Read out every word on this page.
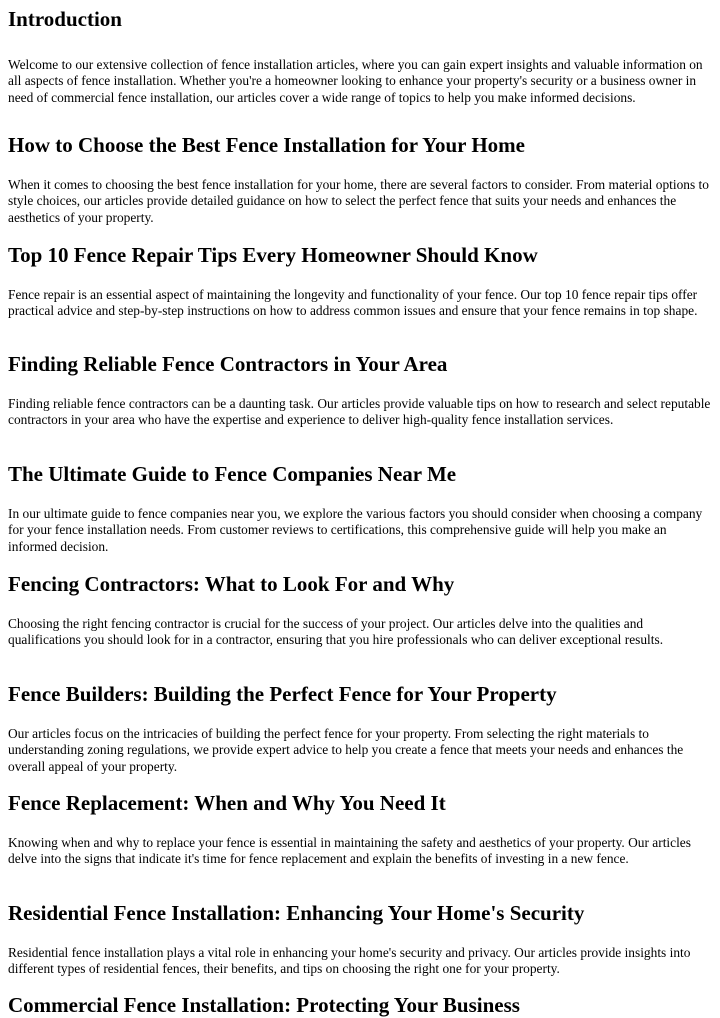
Introduction

Welcome to our extensive collection of fence installation articles, where you can gain expert insights and valuable information on all aspects of fence installation. Whether you're a homeowner looking to enhance your property's security or a business owner in need of commercial fence installation, our articles cover a wide range of topics to help you make informed decisions.

How to Choose the Best Fence Installation for Your Home

When it comes to choosing the best fence installation for your home, there are several factors to consider. From material options to style choices, our articles provide detailed guidance on how to select the perfect fence that suits your needs and enhances the aesthetics of your property.

Top 10 Fence Repair Tips Every Homeowner Should Know

Fence repair is an essential aspect of maintaining the longevity and functionality of your fence. Our top 10 fence repair tips offer practical advice and step-by-step instructions on how to address common issues and ensure that your fence remains in top shape.

Finding Reliable Fence Contractors in Your Area

Finding reliable fence contractors can be a daunting task. Our articles provide valuable tips on how to research and select reputable contractors in your area who have the expertise and experience to deliver high-quality fence installation services.

The Ultimate Guide to Fence Companies Near Me

In our ultimate guide to fence companies near you, we explore the various factors you should consider when choosing a company for your fence installation needs. From customer reviews to certifications, this comprehensive guide will help you make an informed decision.

Fencing Contractors: What to Look For and Why

Choosing the right fencing contractor is crucial for the success of your project. Our articles delve into the qualities and qualifications you should look for in a contractor, ensuring that you hire professionals who can deliver exceptional results.

Fence Builders: Building the Perfect Fence for Your Property

Our articles focus on the intricacies of building the perfect fence for your property. From selecting the right materials to understanding zoning regulations, we provide expert advice to help you create a fence that meets your needs and enhances the overall appeal of your property.

Fence Replacement: When and Why You Need It

Knowing when and why to replace your fence is essential in maintaining the safety and aesthetics of your property. Our articles delve into the signs that indicate it's time for fence replacement and explain the benefits of investing in a new fence.

Residential Fence Installation: Enhancing Your Home's Security

Residential fence installation plays a vital role in enhancing your home's security and privacy. Our articles provide insights into different types of residential fences, their benefits, and tips on choosing the right one for your property.

Commercial Fence Installation: Protecting Your Business
